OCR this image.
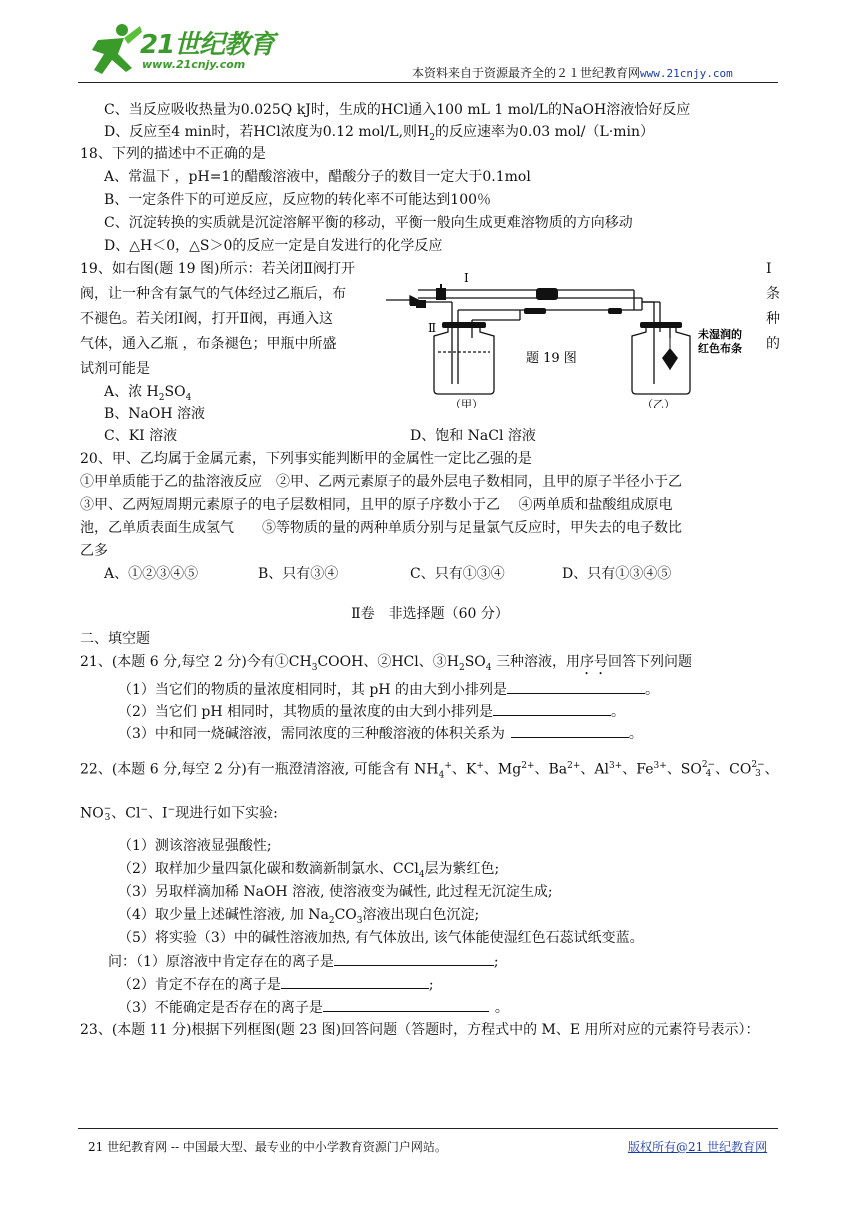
21世纪教育
www.21cnjy.com
本资料来自于资源最齐全的２１世纪教育网www.21cnjy.com
C、当反应吸收热量为0.025Q kJ时，生成的HCl通入100 mL 1 mol/L的NaOH溶液恰好反应
D、反应至4 min时，若HCl浓度为0.12 mol/L,则$H_2$的反应速率为0.03 mol/（L·min）
18、下列的描述中不正确的是
A、常温下 ，pH=1的醋酸溶液中，醋酸分子的数目一定大于0.1mol
B、一定条件下的可逆反应，反应物的转化率不可能达到100％
C、沉淀转换的实质就是沉淀溶解平衡的移动，平衡一般向生成更难溶物质的方向移动
D、△H＜0，△S＞0的反应一定是自发进行的化学反应
19、如右图(题 19 图)所示：若关闭Ⅱ阀打开
阀，让一种含有氯气的气体经过乙瓶后，布
不褪色。若关闭Ⅰ阀，打开Ⅱ阀，再通入这
气体，通入乙瓶 ，布条褪色；甲瓶中所盛
试剂可能是
Ⅰ
条
种
的
A、浓 $H_2SO_4$
B、NaOH 溶液
C、KI 溶液	D、饱和 NaCl 溶液
I
Ⅱ
题 19 图
（甲）	（乙）
未湿润的
红色布条
20、甲、乙均属于金属元素，下列事实能判断甲的金属性一定比乙强的是
①甲单质能于乙的盐溶液反应　②甲、乙两元素原子的最外层电子数相同，且甲的原子半径小于乙
③甲、乙两短周期元素原子的电子层数相同，且甲的原子序数小于乙　 ④两单质和盐酸组成原电
池，乙单质表面生成氢气　　⑤等物质的量的两种单质分别与足量氯气反应时，甲失去的电子数比
乙多
A、①②③④⑤	B、只有③④	C、只有①③④	D、只有①③④⑤
Ⅱ卷　非选择题（60 分）
二、填空题
21、(本题 6 分,每空 2 分)今有$①CH_3COOH$、②HCl、$③H_2SO_4$ 三种溶液，用序号回答下列问题
（1）当它们的物质的量浓度相同时，其 pH 的由大到小排列是	。
（2）当它们 pH 相同时，其物质的量浓度的由大到小排列是	。
（3）中和同一烧碱溶液，需同浓度的三种酸溶液的体积关系为	。
22、(本题 6 分,每空 2 分)有一瓶澄清溶液, 可能含有 $NH_4^+$、K+、$Mg^{2+}$、$Ba^{2+}$、$Al^{3+}$、$Fe^{3+}$、SO 2−
4 、CO 2−
3 、
NO −
3 、Cl−、I−现进行如下实验:
（1）测该溶液显强酸性;
（2）取样加少量四氯化碳和数滴新制氯水、CCl$_4$层为紫红色;
（3）另取样滴加稀 NaOH 溶液, 使溶液变为碱性, 此过程无沉淀生成;
（4）取少量上述碱性溶液, 加 $Na_2CO_3$溶液出现白色沉淀;
（5）将实验（3）中的碱性溶液加热, 有气体放出, 该气体能使湿红色石蕊试纸变蓝。
问：（1）原溶液中肯定存在的离子是	;
（2）肯定不存在的离子是	;
（3）不能确定是否存在的离子是	。
23、(本题 11 分)根据下列框图(题 23 图)回答问题（答题时，方程式中的 M、E 用所对应的元素符号表示）：
21 世纪教育网 -- 中国最大型、最专业的中小学教育资源门户网站。	版权所有@21 世纪教育网
